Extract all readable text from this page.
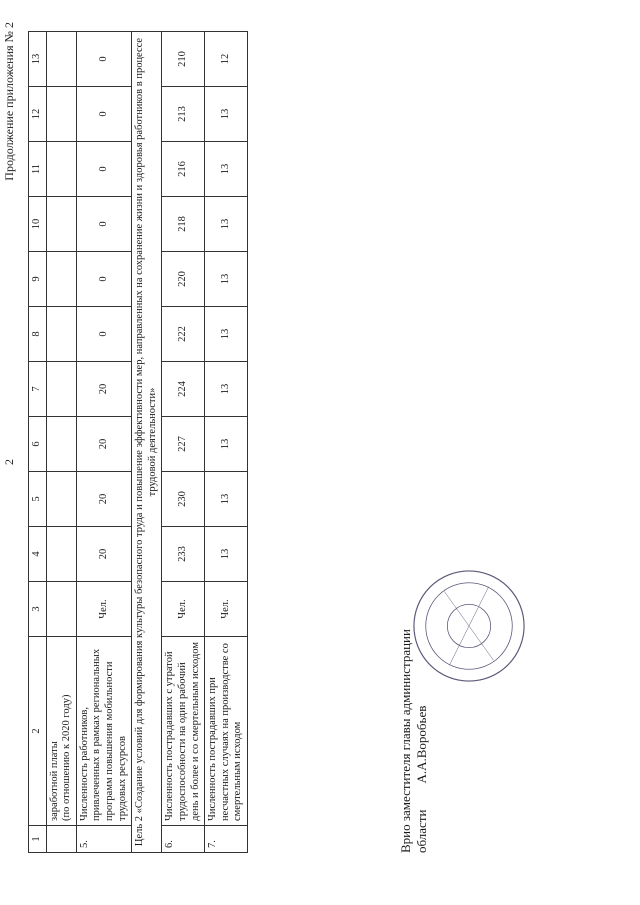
2
Продолжение приложения № 2
1	2	3	4	5	6	7	8	9	10	11	12	13
	заработной платы
(по отношению к 2020 году)											
5.	Численность работников, привлеченных в рамках региональных программ повышения мобильности трудовых ресурсов	Чел.	20	20	20	20	0	0	0	0	0	0
Цель 2 «Создание условий для формирования культуры безопасного труда и повышение эффективности мер, направленных на сохранение жизни и здоровья работников в процессе трудовой деятельности»												
6.	Численность пострадавших с утратой трудоспособности на один рабочий день и более и со смертельным исходом	Чел.	233	230	227	224	222	220	218	216	213	210
7.	Численность пострадавших при несчастных случаях на производстве со смертельным исходом	Чел.	13	13	13	13	13	13	13	13	13	12
Врио заместителя главы администрации области
А.А.Воробьев
